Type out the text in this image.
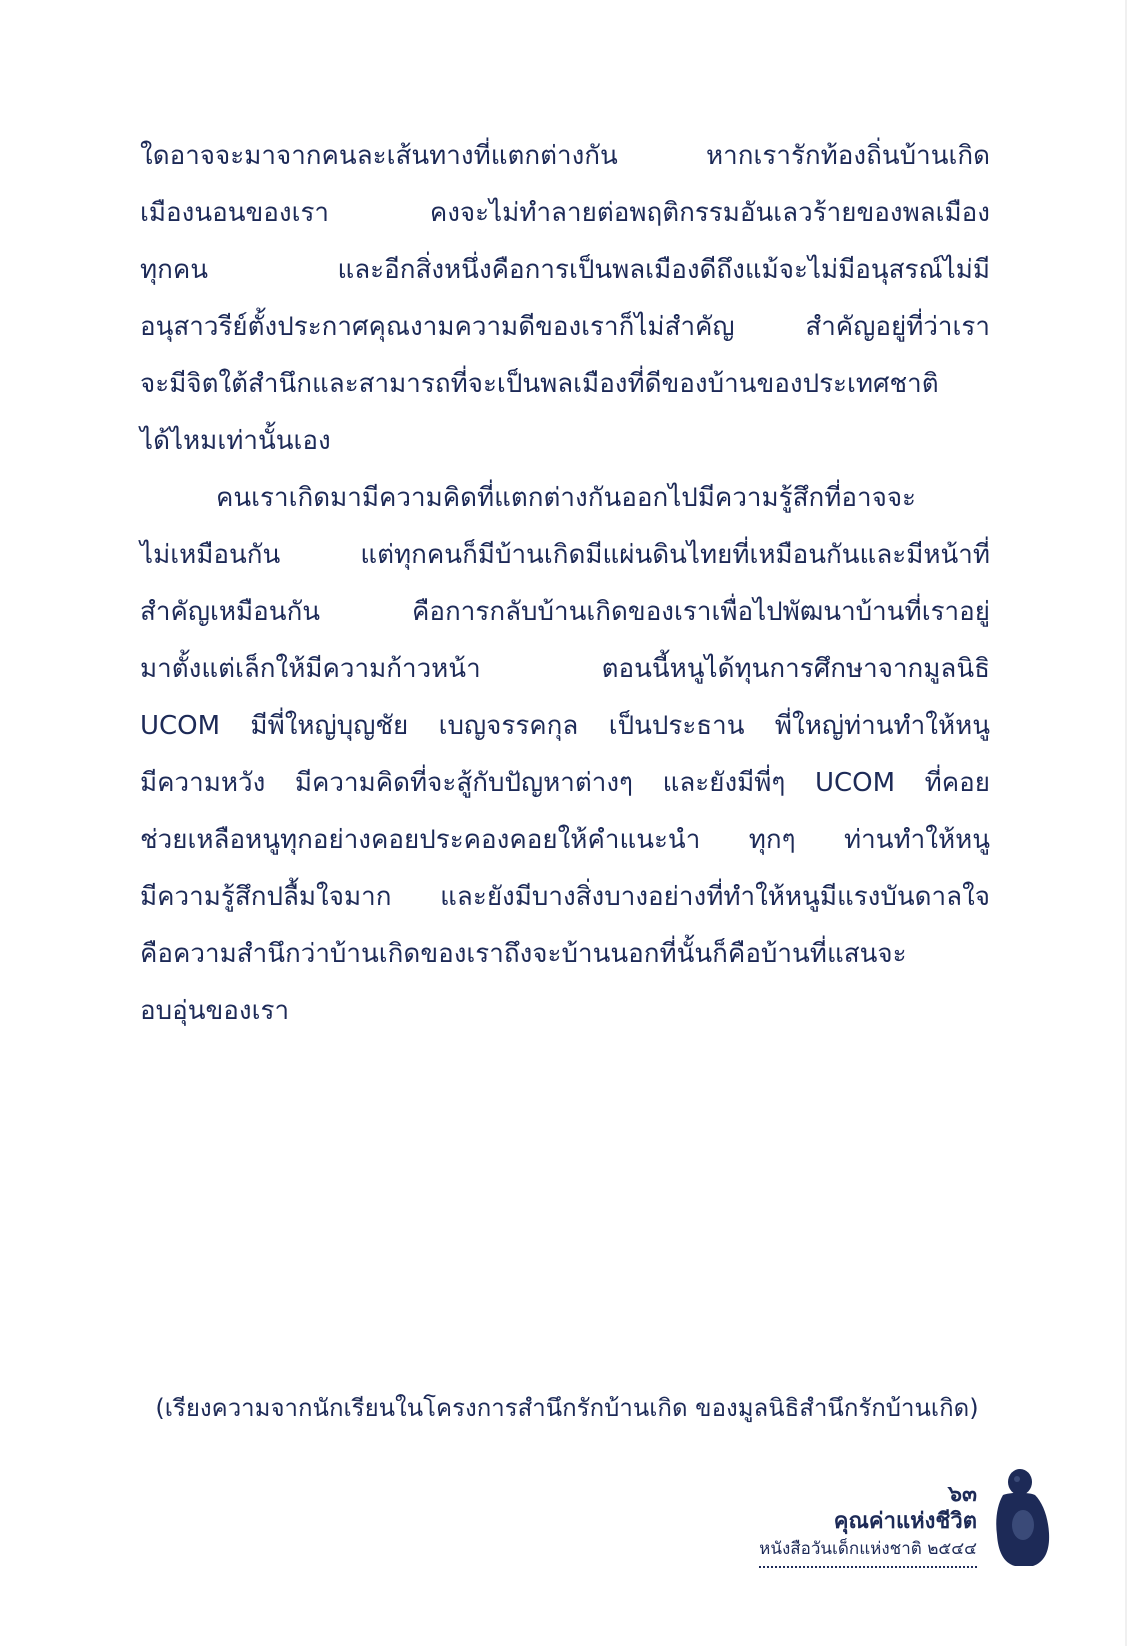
ใดอาจจะมาจากคนละเส้นทางที่แตกต่างกัน หากเรารักท้องถิ่นบ้านเกิด
เมืองนอนของเรา คงจะไม่ทำลายต่อพฤติกรรมอันเลวร้ายของพลเมือง
ทุกคน และอีกสิ่งหนึ่งคือการเป็นพลเมืองดีถึงแม้จะไม่มีอนุสรณ์ไม่มี
อนุสาวรีย์ตั้งประกาศคุณงามความดีของเราก็ไม่สำคัญ สำคัญอยู่ที่ว่าเรา
จะมีจิตใต้สำนึกและสามารถที่จะเป็นพลเมืองที่ดีของบ้านของประเทศชาติ
ได้ไหมเท่านั้นเอง
คนเราเกิดมามีความคิดที่แตกต่างกันออกไปมีความรู้สึกที่อาจจะ
ไม่เหมือนกัน แต่ทุกคนก็มีบ้านเกิดมีแผ่นดินไทยที่เหมือนกันและมีหน้าที่
สำคัญเหมือนกัน คือการกลับบ้านเกิดของเราเพื่อไปพัฒนาบ้านที่เราอยู่
มาตั้งแต่เล็กให้มีความก้าวหน้า ตอนนี้หนูได้ทุนการศึกษาจากมูลนิธิ
UCOM มีพี่ใหญ่บุญชัย เบญจรรคกุล เป็นประธาน พี่ใหญ่ท่านทำให้หนู
มีความหวัง มีความคิดที่จะสู้กับปัญหาต่างๆ และยังมีพี่ๆ UCOM ที่คอย
ช่วยเหลือหนูทุกอย่างคอยประคองคอยให้คำแนะนำ ทุกๆ ท่านทำให้หนู
มีความรู้สึกปลื้มใจมาก และยังมีบางสิ่งบางอย่างที่ทำให้หนูมีแรงบันดาลใจ
คือความสำนึกว่าบ้านเกิดของเราถึงจะบ้านนอกที่นั้นก็คือบ้านที่แสนจะ
อบอุ่นของเรา
(เรียงความจากนักเรียนในโครงการสำนึกรักบ้านเกิด ของมูลนิธิสำนึกรักบ้านเกิด)
๖๓
คุณค่าแห่งชีวิต
หนังสือวันเด็กแห่งชาติ ๒๕๔๔
